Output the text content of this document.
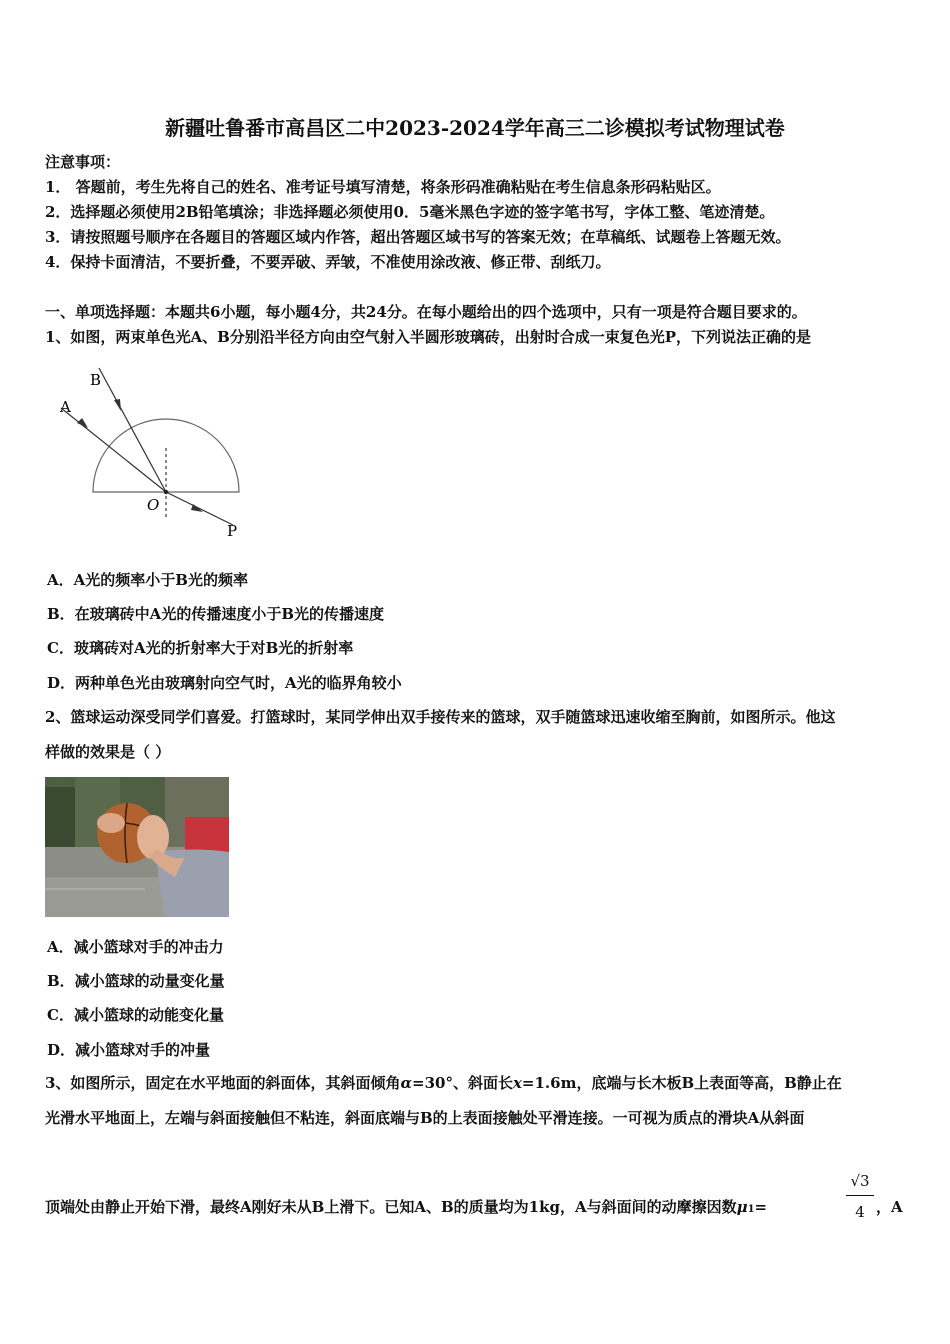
新疆吐鲁番市高昌区二中2023-2024学年高三二诊模拟考试物理试卷
注意事项：
1． 答题前，考生先将自己的姓名、准考证号填写清楚，将条形码准确粘贴在考生信息条形码粘贴区。
2．选择题必须使用2B铅笔填涂；非选择题必须使用0．5毫米黑色字迹的签字笔书写，字体工整、笔迹清楚。
3．请按照题号顺序在各题目的答题区域内作答，超出答题区域书写的答案无效；在草稿纸、试题卷上答题无效。
4．保持卡面清洁，不要折叠，不要弄破、弄皱，不准使用涂改液、修正带、刮纸刀。
一、单项选择题：本题共6小题，每小题4分，共24分。在每小题给出的四个选项中，只有一项是符合题目要求的。
1、如图，两束单色光A、B分别沿半径方向由空气射入半圆形玻璃砖，出射时合成一束复色光P，下列说法正确的是
A
B
O
P
A．A光的频率小于B光的频率
B．在玻璃砖中A光的传播速度小于B光的传播速度
C．玻璃砖对A光的折射率大于对B光的折射率
D．两种单色光由玻璃射向空气时，A光的临界角较小
2、篮球运动深受同学们喜爱。打篮球时，某同学伸出双手接传来的篮球，双手随篮球迅速收缩至胸前，如图所示。他这
样做的效果是（ ）
A．减小篮球对手的冲击力
B．减小篮球的动量变化量
C．减小篮球的动能变化量
D．减小篮球对手的冲量
3、如图所示，固定在水平地面的斜面体，其斜面倾角α=30°、斜面长x=1.6m，底端与长木板B上表面等高，B静止在
光滑水平地面上，左端与斜面接触但不粘连，斜面底端与B的上表面接触处平滑连接。一可视为质点的滑块A从斜面
顶端处由静止开始下滑，最终A刚好未从B上滑下。已知A、B的质量均为1kg，A与斜面间的动摩擦因数μ1=
√3
4 ，A
